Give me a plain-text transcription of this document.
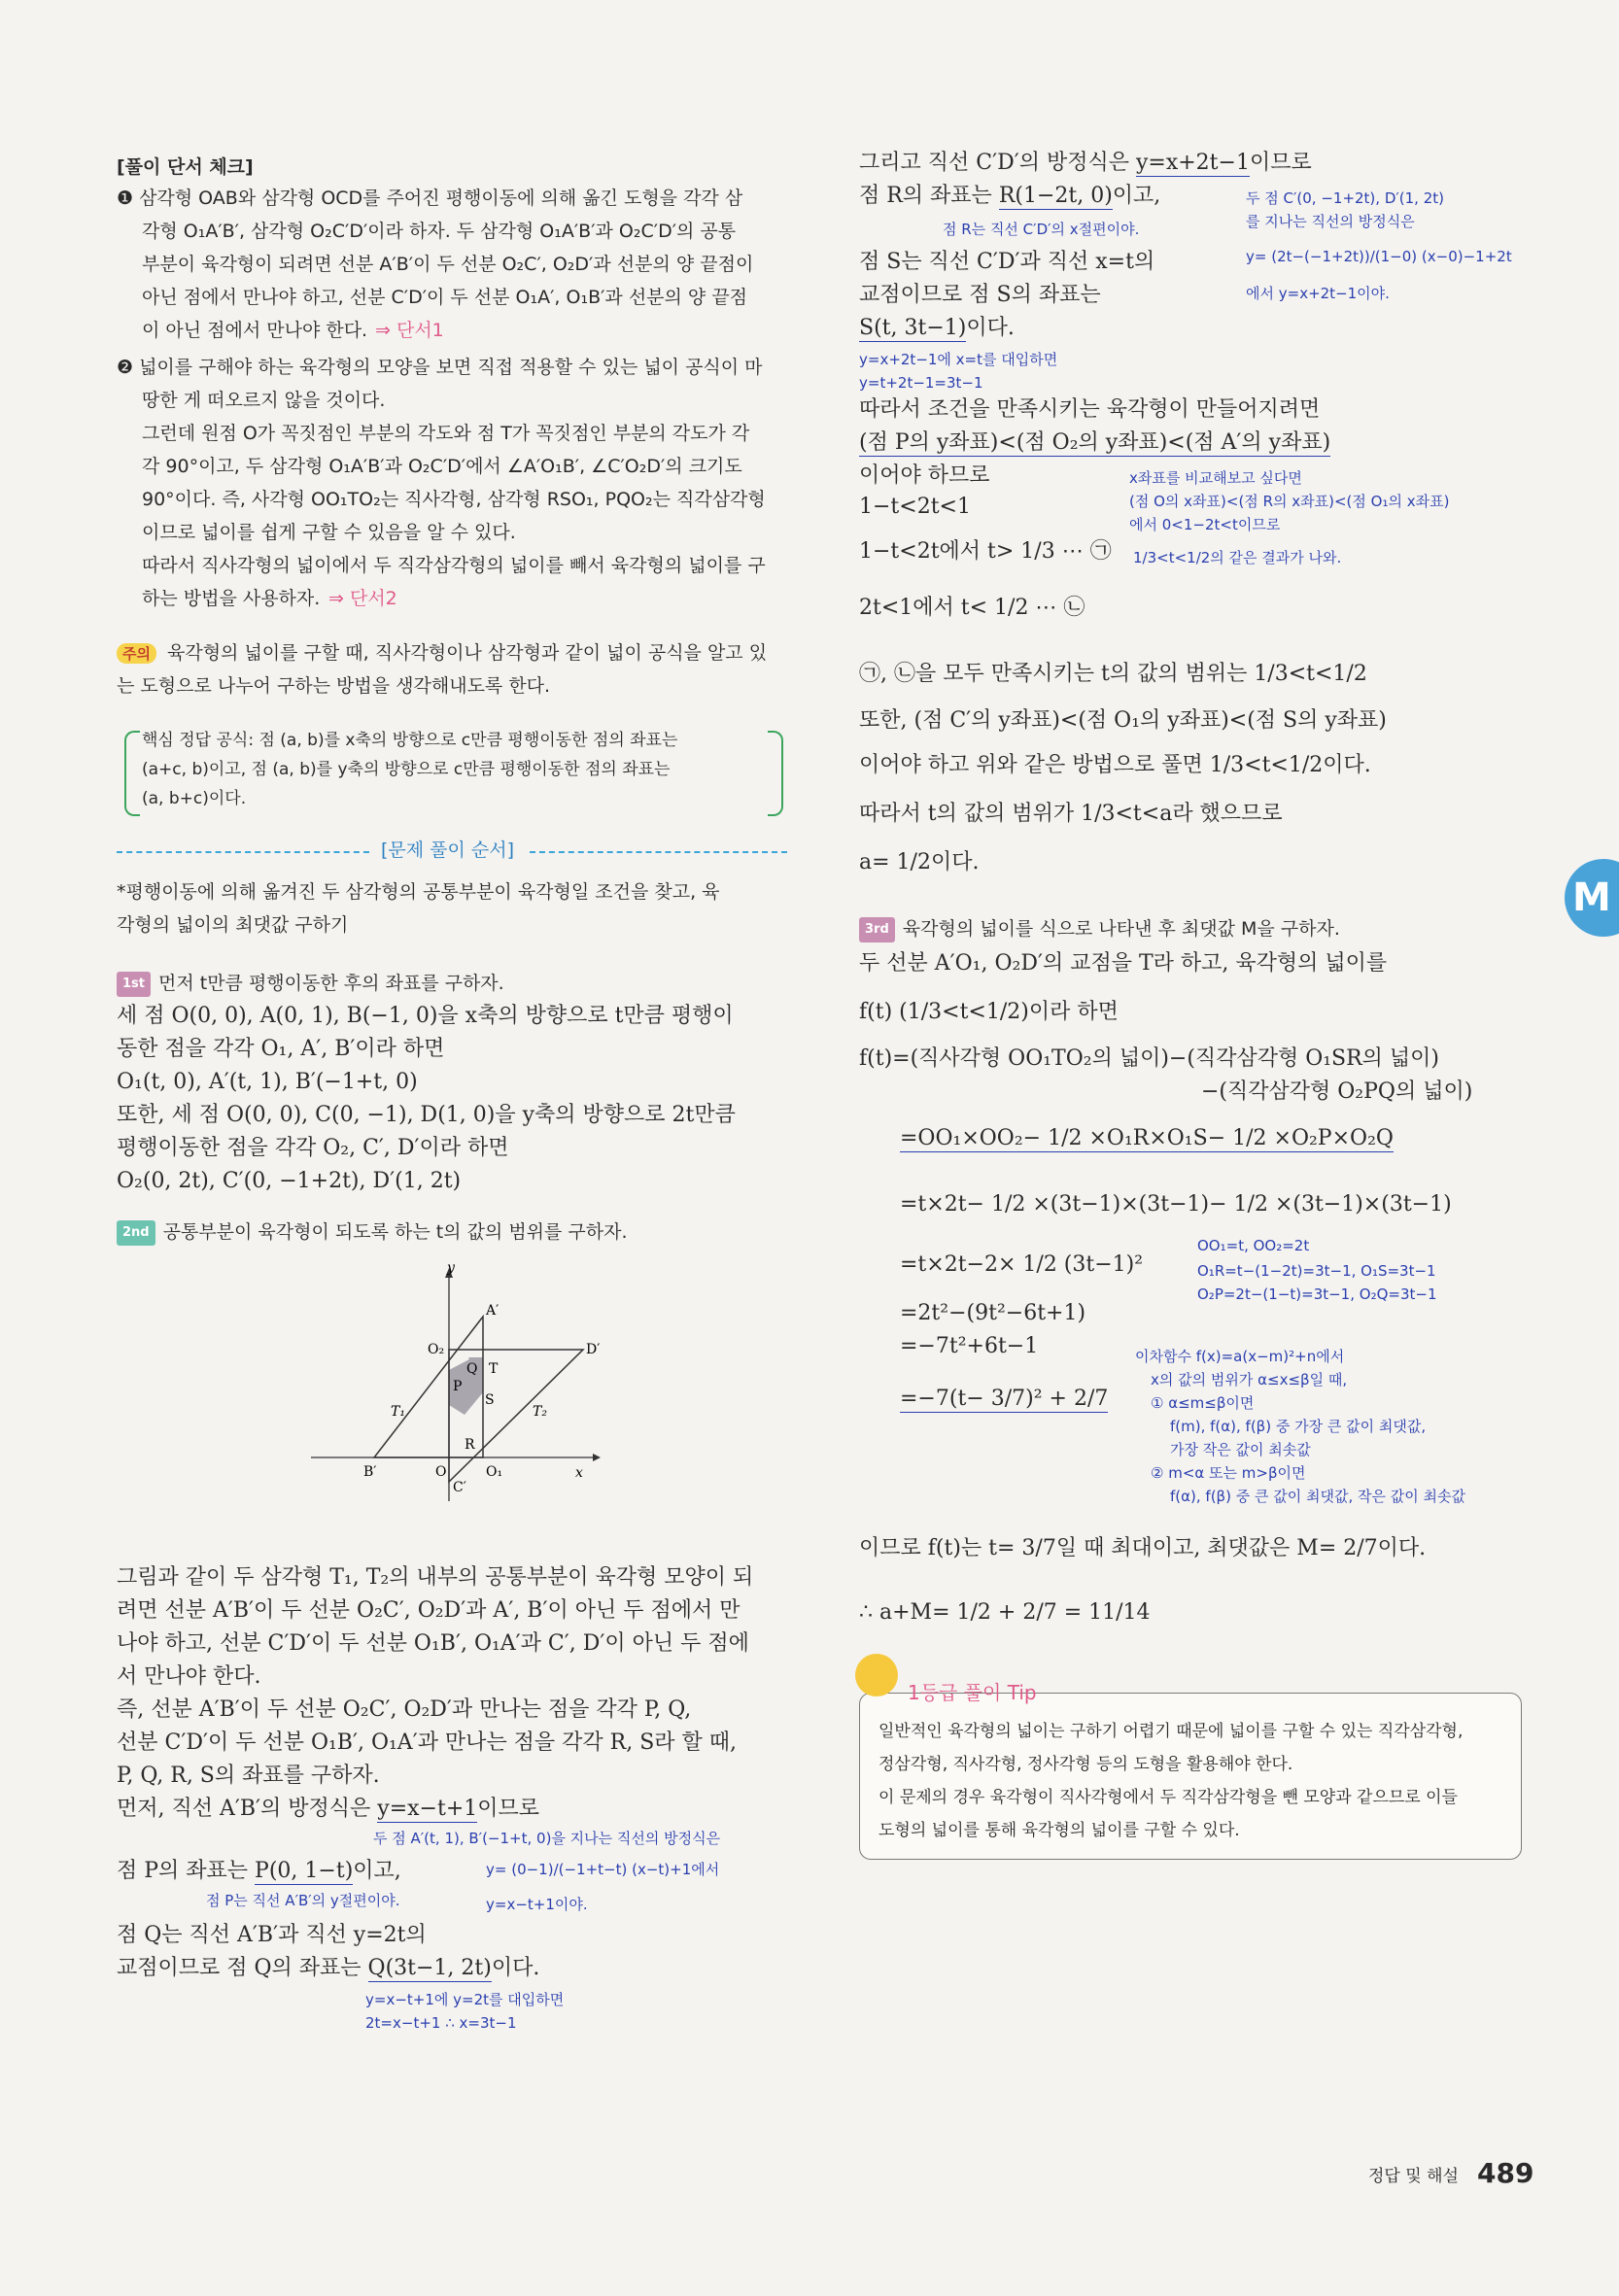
[풀이 단서 체크]
❶ 삼각형 OAB와 삼각형 OCD를 주어진 평행이동에 의해 옮긴 도형을 각각 삼
각형 O₁A′B′, 삼각형 O₂C′D′이라 하자. 두 삼각형 O₁A′B′과 O₂C′D′의 공통
부분이 육각형이 되려면 선분 A′B′이 두 선분 O₂C′, O₂D′과 선분의 양 끝점이
아닌 점에서 만나야 하고, 선분 C′D′이 두 선분 O₁A′, O₁B′과 선분의 양 끝점
이 아닌 점에서 만나야 한다. ⇒ 단서1
❷ 넓이를 구해야 하는 육각형의 모양을 보면 직접 적용할 수 있는 넓이 공식이 마
땅한 게 떠오르지 않을 것이다.
그런데 원점 O가 꼭짓점인 부분의 각도와 점 T가 꼭짓점인 부분의 각도가 각
각 90°이고, 두 삼각형 O₁A′B′과 O₂C′D′에서 ∠A′O₁B′, ∠C′O₂D′의 크기도
90°이다. 즉, 사각형 OO₁TO₂는 직사각형, 삼각형 RSO₁, PQO₂는 직각삼각형
이므로 넓이를 쉽게 구할 수 있음을 알 수 있다.
따라서 직사각형의 넓이에서 두 직각삼각형의 넓이를 빼서 육각형의 넓이를 구
하는 방법을 사용하자. ⇒ 단서2
주의 육각형의 넓이를 구할 때, 직사각형이나 삼각형과 같이 넓이 공식을 알고 있
는 도형으로 나누어 구하는 방법을 생각해내도록 한다.
핵심 정답 공식: 점 (a, b)를 x축의 방향으로 c만큼 평행이동한 점의 좌표는
(a+c, b)이고, 점 (a, b)를 y축의 방향으로 c만큼 평행이동한 점의 좌표는
(a, b+c)이다.
[문제 풀이 순서]
*평행이동에 의해 옮겨진 두 삼각형의 공통부분이 육각형일 조건을 찾고, 육
각형의 넓이의 최댓값 구하기
1st 먼저 t만큼 평행이동한 후의 좌표를 구하자.
세 점 O(0, 0), A(0, 1), B(−1, 0)을 x축의 방향으로 t만큼 평행이
동한 점을 각각 O₁, A′, B′이라 하면
O₁(t, 0), A′(t, 1), B′(−1+t, 0)
또한, 세 점 O(0, 0), C(0, −1), D(1, 0)을 y축의 방향으로 2t만큼
평행이동한 점을 각각 O₂, C′, D′이라 하면
O₂(0, 2t), C′(0, −1+2t), D′(1, 2t)
2nd 공통부분이 육각형이 되도록 하는 t의 값의 범위를 구하자.
y
x
A′
D′
O₂
Q T
P
S
T₁	T₂
R
B′	O	O₁
C′
그림과 같이 두 삼각형 T₁, T₂의 내부의 공통부분이 육각형 모양이 되
려면 선분 A′B′이 두 선분 O₂C′, O₂D′과 A′, B′이 아닌 두 점에서 만
나야 하고, 선분 C′D′이 두 선분 O₁B′, O₁A′과 C′, D′이 아닌 두 점에
서 만나야 한다.
즉, 선분 A′B′이 두 선분 O₂C′, O₂D′과 만나는 점을 각각 P, Q,
선분 C′D′이 두 선분 O₁B′, O₁A′과 만나는 점을 각각 R, S라 할 때,
P, Q, R, S의 좌표를 구하자.
먼저, 직선 A′B′의 방정식은 y=x−t+1이므로
두 점 A′(t, 1), B′(−1+t, 0)을 지나는 직선의 방정식은
점 P의 좌표는 P(0, 1−t)이고,
점 P는 직선 A′B′의 y절편이야.
y= (0−1)/(−1+t−t) (x−t)+1에서
y=x−t+1이야.
점 Q는 직선 A′B′과 직선 y=2t의
교점이므로 점 Q의 좌표는 Q(3t−1, 2t)이다.
y=x−t+1에 y=2t를 대입하면
2t=x−t+1 ∴ x=3t−1
그리고 직선 C′D′의 방정식은 y=x+2t−1이므로
두 점 C′(0, −1+2t), D′(1, 2t)
를 지나는 직선의 방정식은
y= (2t−(−1+2t))/(1−0) (x−0)−1+2t
에서 y=x+2t−1이야.
점 R의 좌표는 R(1−2t, 0)이고,
점 R는 직선 C′D′의 x절편이야.
점 S는 직선 C′D′과 직선 x=t의
교점이므로 점 S의 좌표는
S(t, 3t−1)이다.
y=x+2t−1에 x=t를 대입하면
y=t+2t−1=3t−1
따라서 조건을 만족시키는 육각형이 만들어지려면
(점 P의 y좌표)<(점 O₂의 y좌표)<(점 A′의 y좌표)
이어야 하므로	x좌표를 비교해보고 싶다면
(점 O의 x좌표)<(점 R의 x좌표)<(점 O₁의 x좌표)
에서 0<1−2t<t이므로
1−t<2t<1
1−t<2t에서 t> 1/3 ⋯ ㉠ 1/3<t<1/2의 같은 결과가 나와.
2t<1에서 t< 1/2 ⋯ ㉡
㉠, ㉡을 모두 만족시키는 t의 값의 범위는 1/3<t<1/2
또한, (점 C′의 y좌표)<(점 O₁의 y좌표)<(점 S의 y좌표)
이어야 하고 위와 같은 방법으로 풀면 1/3<t<1/2이다.
따라서 t의 값의 범위가 1/3<t<a라 했으므로
a= 1/2이다.
3rd 육각형의 넓이를 식으로 나타낸 후 최댓값 M을 구하자.
두 선분 A′O₁, O₂D′의 교점을 T라 하고, 육각형의 넓이를
f(t) (1/3<t<1/2)이라 하면
f(t)=(직사각형 OO₁TO₂의 넓이)−(직각삼각형 O₁SR의 넓이)
−(직각삼각형 O₂PQ의 넓이)
=OO₁×OO₂− 1/2 ×O₁R×O₁S− 1/2 ×O₂P×O₂Q
=t×2t− 1/2 ×(3t−1)×(3t−1)− 1/2 ×(3t−1)×(3t−1)
=t×2t−2× 1/2 (3t−1)²
OO₁=t, OO₂=2t
O₁R=t−(1−2t)=3t−1, O₁S=3t−1
O₂P=2t−(1−t)=3t−1, O₂Q=3t−1
=2t²−(9t²−6t+1)
=−7t²+6t−1
=−7(t− 3/7)² + 2/7
이차함수 f(x)=a(x−m)²+n에서
x의 값의 범위가 α≤x≤β일 때,
① α≤m≤β이면
f(m), f(α), f(β) 중 가장 큰 값이 최댓값,
가장 작은 값이 최솟값
② m<α 또는 m>β이면
f(α), f(β) 중 큰 값이 최댓값, 작은 값이 최솟값
이므로 f(t)는 t= 3/7일 때 최대이고, 최댓값은 M= 2/7이다.
∴ a+M= 1/2 + 2/7 = 11/14
1등급 풀이 Tip
일반적인 육각형의 넓이는 구하기 어렵기 때문에 넓이를 구할 수 있는 직각삼각형,
정삼각형, 직사각형, 정사각형 등의 도형을 활용해야 한다.
이 문제의 경우 육각형이 직사각형에서 두 직각삼각형을 뺀 모양과 같으므로 이들
도형의 넓이를 통해 육각형의 넓이를 구할 수 있다.
M
정답 및 해설 489
